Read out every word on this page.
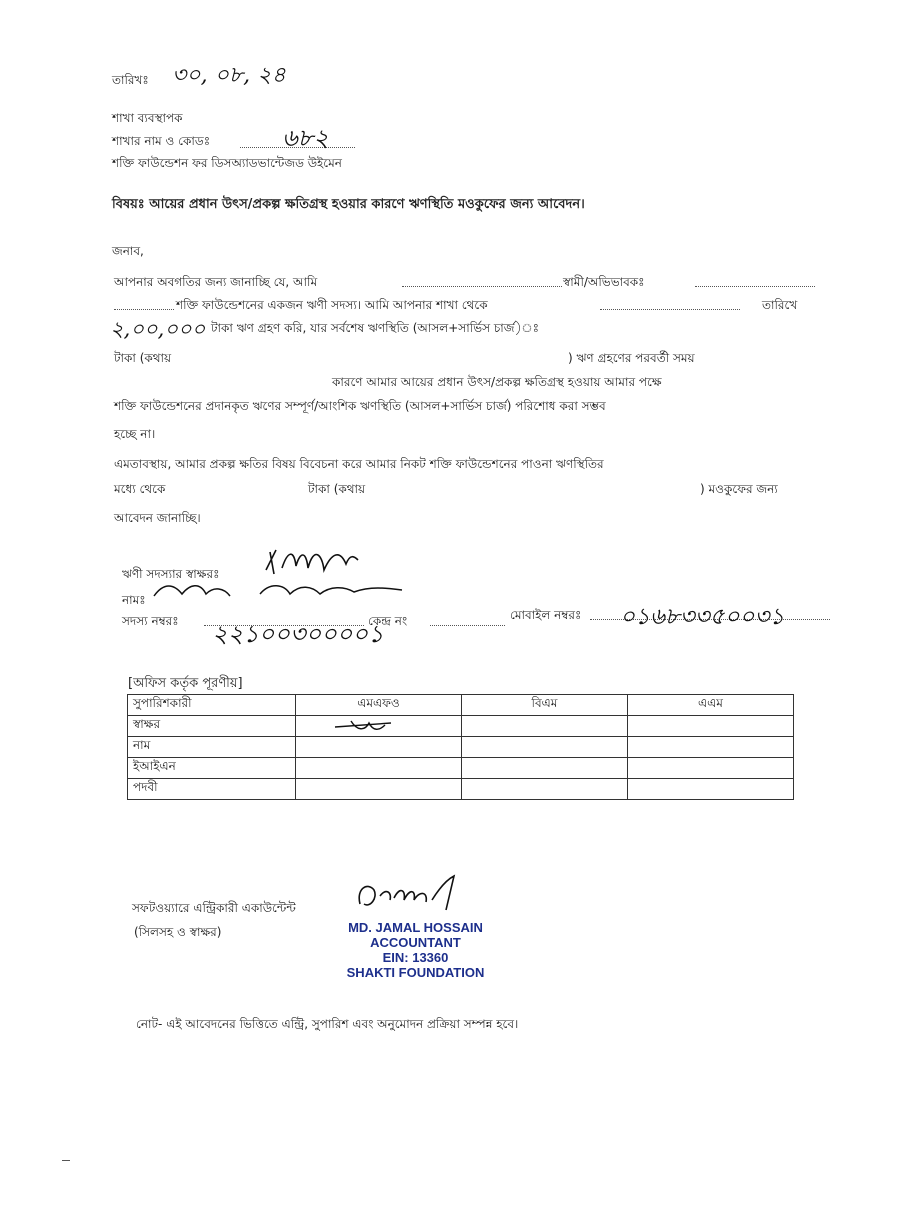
তারিখঃ ৩০, ০৮, ২৪
শাখা ব্যবস্থাপক
শাখার নাম ও কোডঃ	৬৮২
শক্তি ফাউন্ডেশন ফর ডিসঅ্যাডভান্টেজড উইমেন
বিষয়ঃ আয়ের প্রধান উৎস/প্রকল্প ক্ষতিগ্রস্থ হওয়ার কারণে ঋণস্থিতি মওকুফের জন্য আবেদন।
জনাব,
আপনার অবগতির জন্য জানাচ্ছি যে, আমি	স্বামী/অভিভাবকঃ
শক্তি ফাউন্ডেশনের একজন ঋণী সদস্য। আমি আপনার শাখা থেকে	তারিখে
২,০০,০০০ টাকা ঋণ গ্রহণ করি, যার সর্বশেষ ঋণস্থিতি (আসল+সার্ভিস চার্জ)ঃ
টাকা (কথায়	) ঋণ গ্রহণের পরবর্তী সময়
কারণে আমার আয়ের প্রধান উৎস/প্রকল্প ক্ষতিগ্রস্থ হওয়ায় আমার পক্ষে
শক্তি ফাউন্ডেশনের প্রদানকৃত ঋণের সম্পূর্ণ/আংশিক ঋণস্থিতি (আসল+সার্ভিস চার্জ) পরিশোধ করা সম্ভব
হচ্ছে না।
এমতাবস্থায়, আমার প্রকল্প ক্ষতির বিষয় বিবেচনা করে আমার নিকট শক্তি ফাউন্ডেশনের পাওনা ঋণস্থিতির
মধ্যে থেকে	টাকা (কথায়	) মওকুফের জন্য
আবেদন জানাচ্ছি।
ঋণী সদস্যার স্বাক্ষরঃ
নামঃ
সদস্য নম্বরঃ ২২১০০৩০০০০১
কেন্দ্র নং	মোবাইল নম্বরঃ ০১৬৮৩৩৫০০৩১
[অফিস কর্তৃক পূরণীয়]
সুপারিশকারী	এমএফও	বিএম	এএম
স্বাক্ষর	

নাম			
ইআইএন			
পদবী			
সফটওয়্যারে এন্ট্রিকারী একাউন্টেন্ট
(সিলসহ ও স্বাক্ষর)	MD. JAMAL HOSSAIN
ACCOUNTANT
EIN: 13360
SHAKTI FOUNDATION
নোট- এই আবেদনের ভিত্তিতে এন্ট্রি, সুপারিশ এবং অনুমোদন প্রক্রিয়া সম্পন্ন হবে।
